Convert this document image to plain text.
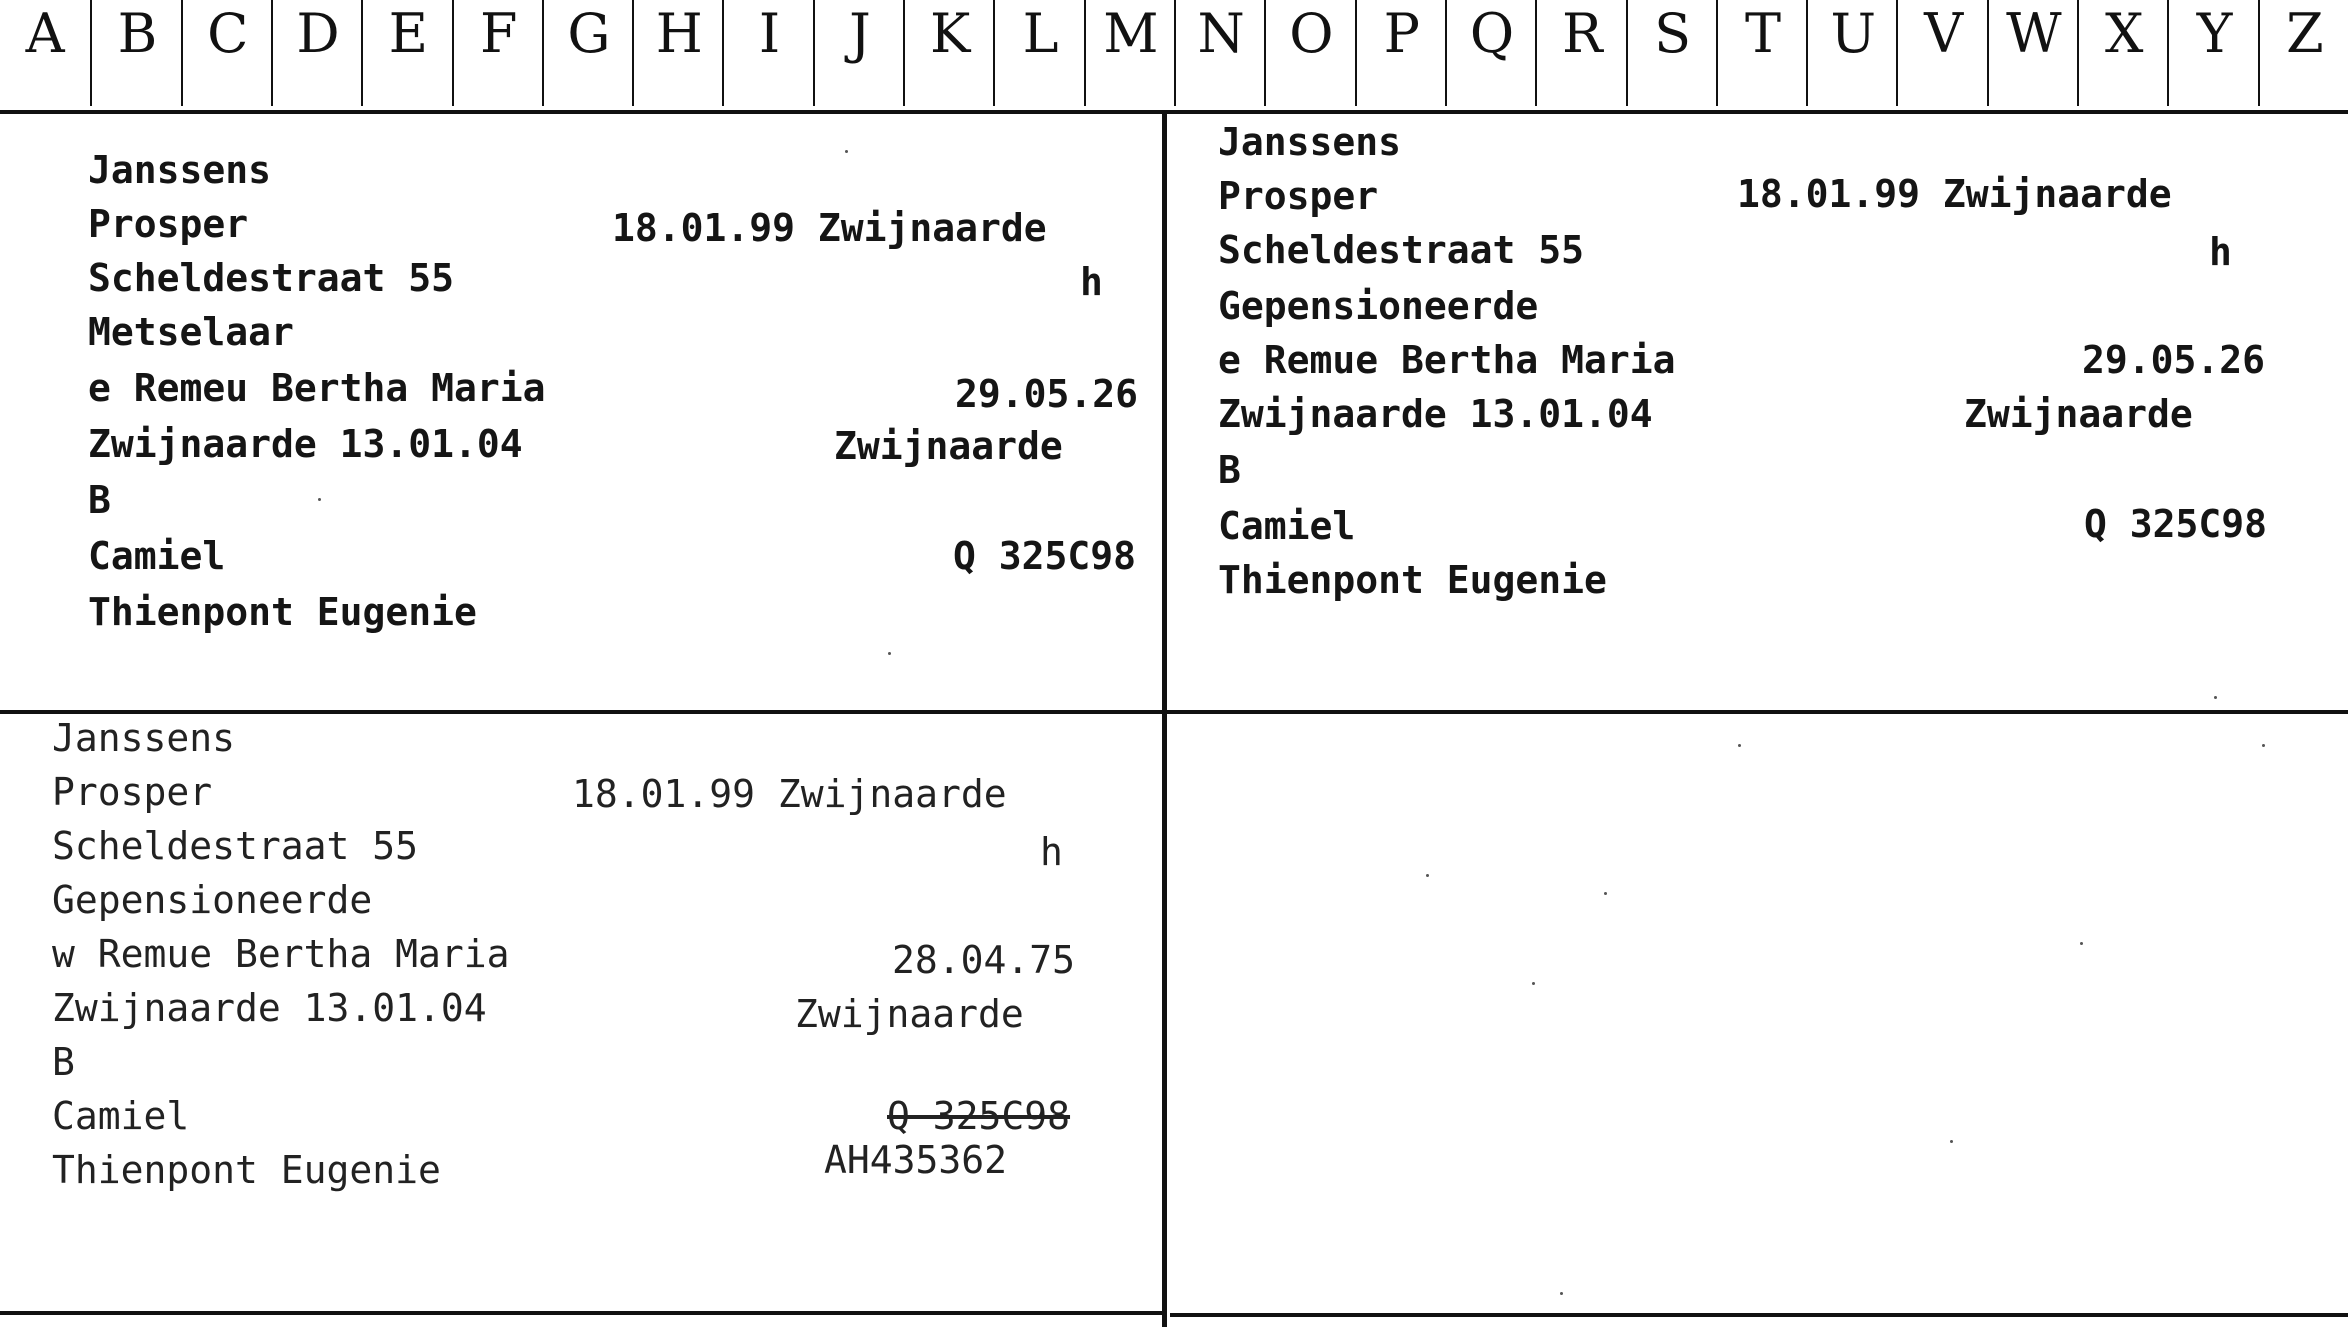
A B C D E F G H	I	J	K L M N O P Q R S T U V W X Y Z
Janssens
Prosper	18.01.99 Zwijnaarde
Scheldestraat 55	h
Metselaar
e Remeu Bertha Maria	29.05.26
Zwijnaarde 13.01.04	Zwijnaarde
B
Camiel	Q 325C98
Thienpont Eugenie
Janssens
Prosper	18.01.99 Zwijnaarde
Scheldestraat 55	h
Gepensioneerde
e Remue Bertha Maria	29.05.26
Zwijnaarde 13.01.04	Zwijnaarde
B
Camiel	Q 325C98
Thienpont Eugenie
Janssens
Prosper	18.01.99 Zwijnaarde
Scheldestraat 55	h
Gepensioneerde
w Remue Bertha Maria	28.04.75
Zwijnaarde 13.01.04	Zwijnaarde
B
Camiel	Q 325C98
Thienpont Eugenie	AH435362
